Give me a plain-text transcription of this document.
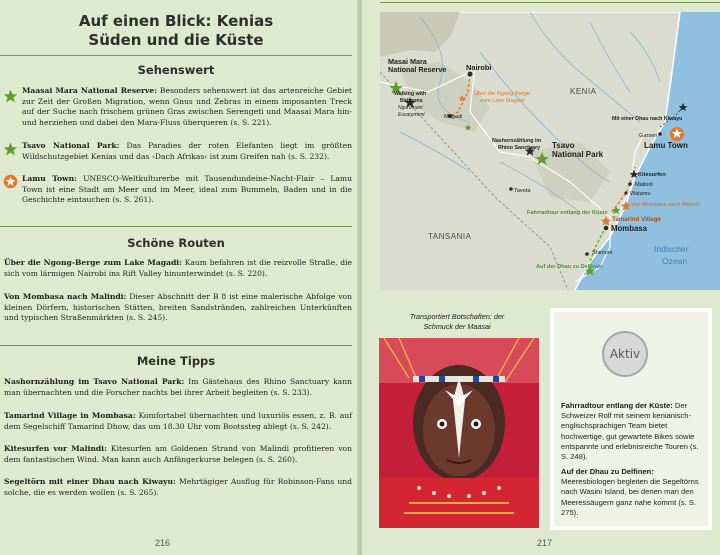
Auf einen Blick: Kenias
Süden und die Küste
Sehenswert

Maasai Mara National Reserve: Besonders sehenswert ist das artenreiche Gebiet zur Zeit der Großen Migration, wenn Gnus und Zebras in einem imposanten Treck auf der Suche nach frischem grünen Gras zwischen Serengeti und Maasai Mara hin- und herziehen und dabei den Mara-Fluss überqueren (s. S. 221).

Tsavo National Park: Das Paradies der roten Elefanten liegt im größten Wildschutzgebiet Kenias und das ›Dach Afrikas‹ ist zum Greifen nah (s. S. 232).

Lamu Town: UNESCO-Weltkulturerbe mit Tausendundeine-Nacht-Flair – Lamu Town ist eine Stadt am Meer und im Meer, ideal zum Bummeln, Baden und in die Geschichte eintauchen (s. S. 261).

Schöne Routen

Über die Ngong-Berge zum Lake Magadi: Kaum befahren ist die reizvolle Straße, die sich vom lärmigen Nairobi ins Rift Valley hinunterwindet (s. S. 220).

Von Mombasa nach Malindi: Dieser Abschnitt der B 8 ist eine malerische Abfolge von kleinen Dörfern, historischen Stätten, breiten Sandstränden, zahlreichen Unterkünften und typischen Straßenmärkten (s. S. 245).

Meine Tipps

Nashornzählung im Tsavo National Park: Im Gästehaus des Rhino Sanctuary kann man übernachten und die Forscher nachts bei ihrer Arbeit begleiten (s. S. 233).

Tamarind Village in Mombasa: Komfortabel übernachten und luxuriös essen, z. B. auf dem Segelschiff Tamarind Dhow, das um 18.30 Uhr vom Bootssteg ablegt (s. S. 242).

Kitesurfen vor Malindi: Kitesurfen am Goldenen Strand von Malindi profitieren von dem fantastischen Wind. Man kann auch Anfängerkurse belegen (s. S. 260).

Segeltörn mit einer Dhau nach Kiwayu: Mehrtägiger Ausflug für Robinson-Fans und solche, die es werden wollen (s. S. 265).

216
Masai Mara
National Reserve	Nairobi
Walking with
Baboons
Ngurumani
Escarpment	Magadi
Über die Ngong-Berge
zum Lake Magadi
KENIA
Nashornzählung im
Rhino Sanctuary Tsavo
National Park
Mit einer Dhau nach Kiwayu
Garsen
Lamu Town
Kitesurfen
Malindi
Watamu
Von Mombasa nach Malindi
Taveta
Fahrradtour entlang der Küste
Tamarind Village
Mombasa
TANSANIA
Indischer
Ozean
Shimoni
Auf der Dhau zu Delfinen
Transportiert Botschaften: der
Schmuck der Maasai
Aktiv

Fahrradtour entlang der Küste: Der Schweizer Rolf mit seinem kenianisch-englischsprachigen Team bietet hochwertige, gut gewartete Bikes sowie entspannte und erlebnisreiche Touren (s. S. 248).

Auf der Dhau zu Delfinen: Meeresbiologen begleiten die Segeltörns nach Wasini Island, bei denen man den Meeressäugern ganz nahe kommt (s. S. 275).

217
